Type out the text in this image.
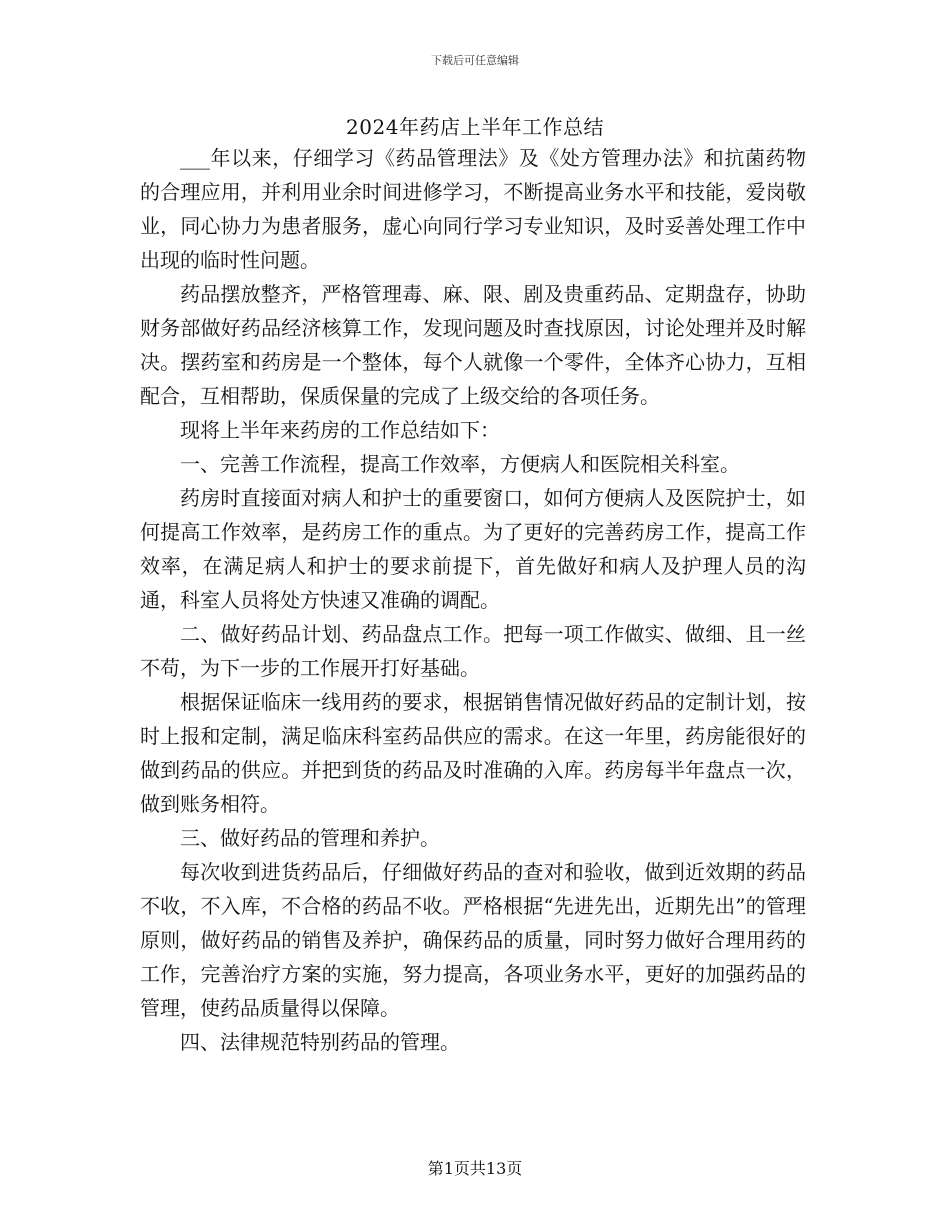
下载后可任意编辑
2024年药店上半年工作总结

___年以来，仔细学习《药品管理法》及《处方管理办法》和抗菌药物的合理应用，并利用业余时间进修学习，不断提高业务水平和技能，爱岗敬业，同心协力为患者服务，虚心向同行学习专业知识，及时妥善处理工作中出现的临时性问题。

药品摆放整齐，严格管理毒、麻、限、剧及贵重药品、定期盘存，协助财务部做好药品经济核算工作，发现问题及时查找原因，讨论处理并及时解决。摆药室和药房是一个整体，每个人就像一个零件，全体齐心协力，互相配合，互相帮助，保质保量的完成了上级交给的各项任务。

现将上半年来药房的工作总结如下：

一、完善工作流程，提高工作效率，方便病人和医院相关科室。

药房时直接面对病人和护士的重要窗口，如何方便病人及医院护士，如何提高工作效率，是药房工作的重点。为了更好的完善药房工作，提高工作效率，在满足病人和护士的要求前提下，首先做好和病人及护理人员的沟通，科室人员将处方快速又准确的调配。

二、做好药品计划、药品盘点工作。把每一项工作做实、做细、且一丝不苟，为下一步的工作展开打好基础。

根据保证临床一线用药的要求，根据销售情况做好药品的定制计划，按时上报和定制，满足临床科室药品供应的需求。在这一年里，药房能很好的做到药品的供应。并把到货的药品及时准确的入库。药房每半年盘点一次，做到账务相符。

三、做好药品的管理和养护。

每次收到进货药品后，仔细做好药品的查对和验收，做到近效期的药品不收，不入库，不合格的药品不收。严格根据“先进先出，近期先出”的管理原则，做好药品的销售及养护，确保药品的质量，同时努力做好合理用药的工作，完善治疗方案的实施，努力提高，各项业务水平，更好的加强药品的管理，使药品质量得以保障。

四、法律规范特别药品的管理。

第1页共13页
